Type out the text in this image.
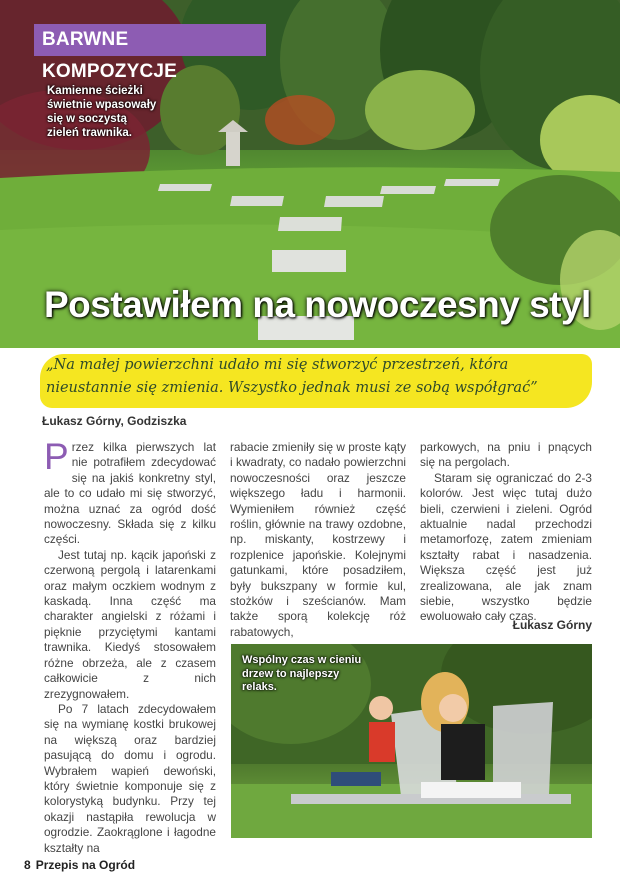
BARWNE KOMPOZYCJE
Kamienne ścieżki świetnie wpasowały się w soczystą zieleń trawnika.
Postawiłem na nowoczesny styl
„Na małej powierzchni udało mi się stworzyć przestrzeń, która nieustannie się zmienia. Wszystko jednak musi ze sobą współgrać”
Łukasz Górny, Godziszka

Przez kilka pierwszych lat nie potrafiłem zdecydować się na jakiś konkretny styl, ale to co udało mi się stworzyć, można uznać za ogród dość nowoczesny. Składa się z kilku części.

Jest tutaj np. kącik japoński z czerwoną pergolą i latarenkami oraz małym oczkiem wodnym z kaskadą. Inna część ma charakter angielski z różami i pięknie przyciętymi kantami trawnika. Kiedyś stosowałem różne obrzeża, ale z czasem całkowicie z nich zrezygnowałem.

Po 7 latach zdecydowałem się na wymianę kostki brukowej na większą oraz bardziej pasującą do domu i ogrodu. Wybrałem wapień dewoński, który świetnie komponuje się z kolorystyką budynku. Przy tej okazji nastąpiła rewolucja w ogrodzie. Zaokrąglone i łagodne kształty na

rabacie zmieniły się w proste kąty i kwadraty, co nadało powierzchni nowoczesności oraz jeszcze większego ładu i harmonii. Wymieniłem również część roślin, głównie na trawy ozdobne, np. miskanty, kostrzewy i rozplenice japońskie. Kolejnymi gatunkami, które posadziłem, były bukszpany w formie kul, stożków i sześcianów. Mam także sporą kolekcję róż rabatowych,

parkowych, na pniu i pnących się na pergolach.

Staram się ograniczać do 2-3 kolorów. Jest więc tutaj dużo bieli, czerwieni i zieleni. Ogród aktualnie nadal przechodzi metamorfozę, zatem zmieniam kształty rabat i nasadzenia. Większa część jest już zrealizowana, ale jak znam siebie, wszystko będzie ewoluowało cały czas.

Łukasz Górny
Wspólny czas w cieniu drzew to najlepszy relaks.
8 Przepis na Ogród
